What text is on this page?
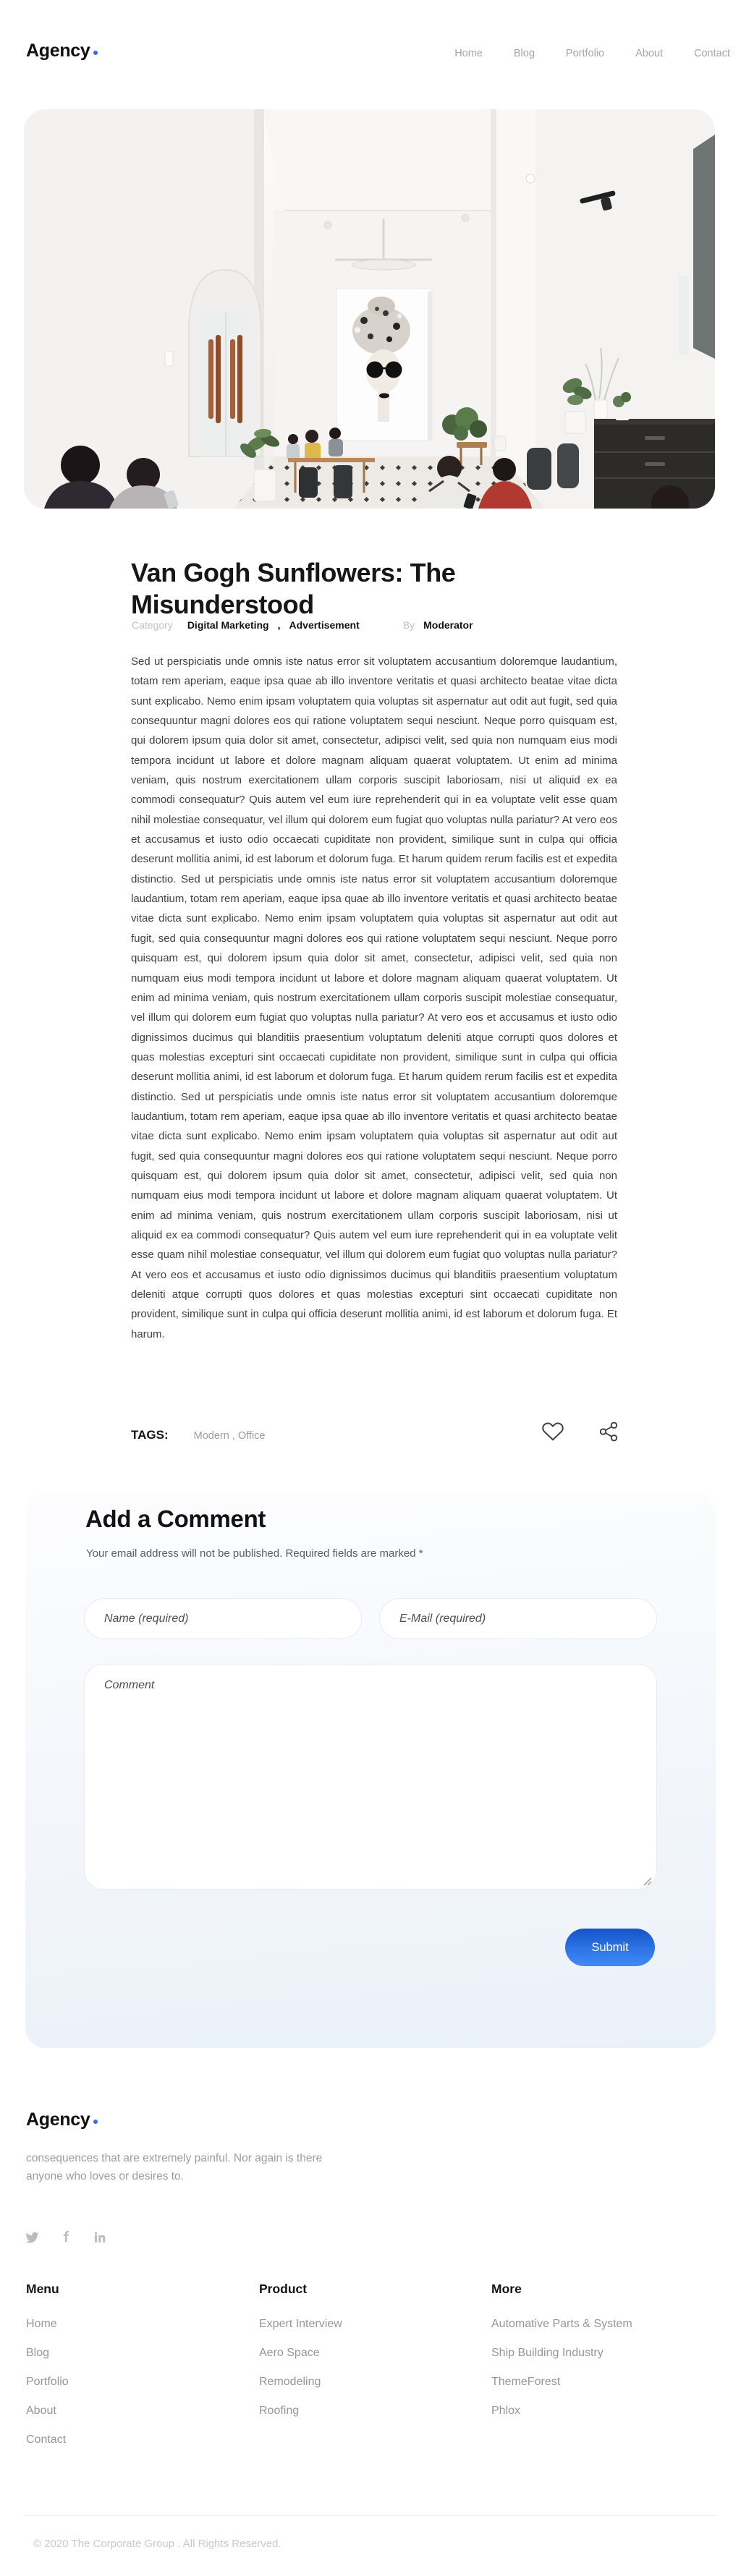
Agency	Home	Blog	Portfolio	About	Contact
Van Gogh Sunflowers: The Misunderstood
Category Digital Marketing , Advertisement	By Moderator
Sed ut perspiciatis unde omnis iste natus error sit voluptatem accusantium doloremque laudantium, totam rem aperiam, eaque ipsa quae ab illo inventore veritatis et quasi architecto beatae vitae dicta sunt explicabo. Nemo enim ipsam voluptatem quia voluptas sit aspernatur aut odit aut fugit, sed quia consequuntur magni dolores eos qui ratione voluptatem sequi nesciunt. Neque porro quisquam est, qui dolorem ipsum quia dolor sit amet, consectetur, adipisci velit, sed quia non numquam eius modi tempora incidunt ut labore et dolore magnam aliquam quaerat voluptatem. Ut enim ad minima veniam, quis nostrum exercitationem ullam corporis suscipit laboriosam, nisi ut aliquid ex ea commodi consequatur? Quis autem vel eum iure reprehenderit qui in ea voluptate velit esse quam nihil molestiae consequatur, vel illum qui dolorem eum fugiat quo voluptas nulla pariatur? At vero eos et accusamus et iusto odio occaecati cupiditate non provident, similique sunt in culpa qui officia deserunt mollitia animi, id est laborum et dolorum fuga. Et harum quidem rerum facilis est et expedita distinctio. Sed ut perspiciatis unde omnis iste natus error sit voluptatem accusantium doloremque laudantium, totam rem aperiam, eaque ipsa quae ab illo inventore veritatis et quasi architecto beatae vitae dicta sunt explicabo. Nemo enim ipsam voluptatem quia voluptas sit aspernatur aut odit aut fugit, sed quia consequuntur magni dolores eos qui ratione voluptatem sequi nesciunt. Neque porro quisquam est, qui dolorem ipsum quia dolor sit amet, consectetur, adipisci velit, sed quia non numquam eius modi tempora incidunt ut labore et dolore magnam aliquam quaerat voluptatem. Ut enim ad minima veniam, quis nostrum exercitationem ullam corporis suscipit molestiae consequatur, vel illum qui dolorem eum fugiat quo voluptas nulla pariatur? At vero eos et accusamus et iusto odio dignissimos ducimus qui blanditiis praesentium voluptatum deleniti atque corrupti quos dolores et quas molestias excepturi sint occaecati cupiditate non provident, similique sunt in culpa qui officia deserunt mollitia animi, id est laborum et dolorum fuga. Et harum quidem rerum facilis est et expedita distinctio. Sed ut perspiciatis unde omnis iste natus error sit voluptatem accusantium doloremque laudantium, totam rem aperiam, eaque ipsa quae ab illo inventore veritatis et quasi architecto beatae vitae dicta sunt explicabo. Nemo enim ipsam voluptatem quia voluptas sit aspernatur aut odit aut fugit, sed quia consequuntur magni dolores eos qui ratione voluptatem sequi nesciunt. Neque porro quisquam est, qui dolorem ipsum quia dolor sit amet, consectetur, adipisci velit, sed quia non numquam eius modi tempora incidunt ut labore et dolore magnam aliquam quaerat voluptatem. Ut enim ad minima veniam, quis nostrum exercitationem ullam corporis suscipit laboriosam, nisi ut aliquid ex ea commodi consequatur? Quis autem vel eum iure reprehenderit qui in ea voluptate velit esse quam nihil molestiae consequatur, vel illum qui dolorem eum fugiat quo voluptas nulla pariatur? At vero eos et accusamus et iusto odio dignissimos ducimus qui blanditiis praesentium voluptatum deleniti atque corrupti quos dolores et quas molestias excepturi sint occaecati cupiditate non provident, similique sunt in culpa qui officia deserunt mollitia animi, id est laborum et dolorum fuga. Et harum.
TAGS: Modern , Office
Add a Comment
Your email address will not be published. Required fields are marked *
Name (required)
E-Mail (required)
Comment
Submit
Agency
consequences that are extremely painful. Nor again is there anyone who loves or desires to.
Menu
Home
Blog
Portfolio
About
Contact
Product
Expert Interview
Aero Space
Remodeling
Roofing
More
Automative Parts & System
Ship Building Industry
ThemeForest
Phlox
© 2020 The Corporate Group . All Rights Reserved.
